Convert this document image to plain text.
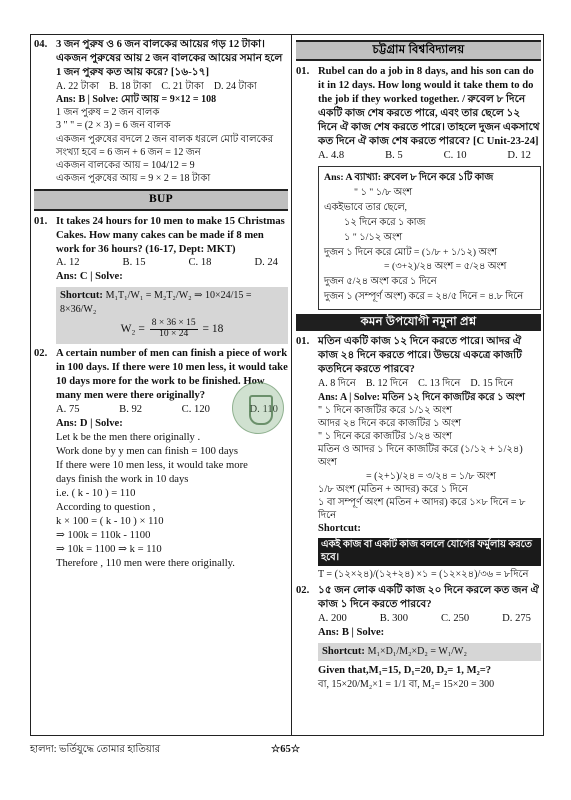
04. 3 জন পুরুষ ও 6 জন বালকের আয়ের গড় 12 টাকা। একজন পুরুষের আয় 2 জন বালকের আয়ের সমান হলে 1 জন পুরুষ কত আয় করে? [১৬-১৭]
A. 22 টাকা B. 18 টাকা C. 21 টাকা D. 24 টাকা
Ans: B | Solve: মোট আয় = 9×12 = 108
1 জন পুরুষ = 2 জন বালক
3 " " = (2 × 3) = 6 জন বালক
একজন পুরুষের বদলে 2 জন বালক ধরলে মোট বালকের
সংখ্যা হবে = 6 জন + 6 জন = 12 জন
একজন বালকের আয় = 104/12 = 9
একজন পুরুষের আয় = 9 × 2 = 18 টাকা
BUP
01. It takes 24 hours for 10 men to make 15 Christmas Cakes. How many cakes can be made if 8 men work for 36 hours? (16-17, Dept: MKT)
A. 12	B. 15	C. 18	D. 24
Ans: C | Solve:
Shortcut: M₁T₁/W₁ = M₂T₂/W₂ ⇒ 10×24/15 = 8×36/W₂
$W_2 = \frac{8 \times 36 \times 15}{10 \times 24} = 18$
02. A certain number of men can finish a piece of work in 100 days. If there were 10 men less, it would take 10 days more for the work to be finished. How many men were there originally?
A. 75	B. 92	C. 120	D. 110
Ans: D | Solve:
Let k be the men there originally .
Work done by y men can finish = 100 days
If there were 10 men less, it would take more
days finish the work in 10 days
i.e. ( k - 10 ) = 110
According to question ,
k × 100 = ( k - 10 ) × 110
⇒ 100k = 110k - 1100
⇒ 10k = 1100 ⇒ k = 110
Therefore , 110 men were there originally.
চট্টগ্রাম বিশ্ববিদ্যালয়
01. Rubel can do a job in 8 days, and his son can do it in 12 days. How long would it take them to do the job if they worked together. / রুবেল ৮ দিনে একটি কাজ শেষ করতে পারে, এবং তার ছেলে ১২ দিনে ঐ কাজ শেষ করতে পারে। তাহলে দুজন একসাথে কত দিনে ঐ কাজ শেষ করতে পারবে? [C Unit-23-24]
A. 4.8	B. 5	C. 10	D. 12
Ans: A ব্যাখ্যা: রুবেল ৮ দিনে করে ১টি কাজ
" ১ " ১/৮ অংশ
একইভাবে তার ছেলে,
১২ দিনে করে ১ কাজ
১ " ১/১২ অংশ
দুজন ১ দিনে করে মোট = (১/৮ + ১/১২) অংশ
= (৩+২)/২৪ অংশ = ৫/২৪ অংশ
দুজন ৫/২৪ অংশ করে ১ দিনে
দুজন ১ (সম্পূর্ণ অংশ) করে = ২৪/৫ দিনে = ৪.৮ দিনে
কমন উপযোগী নমুনা প্রশ্ন
01. মতিন একটি কাজ ১২ দিনে করতে পারে। আদর ঐ কাজ ২৪ দিনে করতে পারে। উভয়ে একত্রে কাজটি কতদিনে করতে পারবে?
A. 8 দিনে B. 12 দিনে C. 13 দিনে D. 15 দিনে
Ans: A | Solve: মতিন ১২ দিনে কাজটির করে ১ অংশ
" ১ দিনে কাজটির করে ১/১২ অংশ
আদর ২৪ দিনে করে কাজটির ১ অংশ
" ১ দিনে করে কাজটির ১/২৪ অংশ
মতিন ও আদর ১ দিনে কাজটির করে (১/১২ + ১/২৪) অংশ
= (২+১)/২৪ = ৩/২৪ = ১/৮ অংশ
১/৮ অংশ (মতিন + আদর) করে ১ দিনে
১ বা সম্পূর্ণ অংশ (মতিন + আদর) করে ১×৮ দিনে = ৮ দিনে
Shortcut:
একই কাজ বা একটি কাজ বললে যোগের ফর্মুলায় করতে হবে।
T = (১২×২৪)/(১২+২৪) ×১ = (১২×২৪)/৩৬ = ৮দিনে
02. ১৫ জন লোক একটি কাজ ২০ দিনে করলে কত জন ঐ কাজ ১ দিনে করতে পারবে?
A. 200	B. 300	C. 250	D. 275
Ans: B | Solve:
Shortcut: M₁×D₁/M₂×D₂ = W₁/W₂
Given that,M₁=15, D₁=20, D₂= 1, M₂=?
বা, 15×20/M₂×1 = 1/1 বা, M₂= 15×20 = 300
হালদা: ভর্তিযুদ্ধে তোমার হাতিয়ার	☆65☆
